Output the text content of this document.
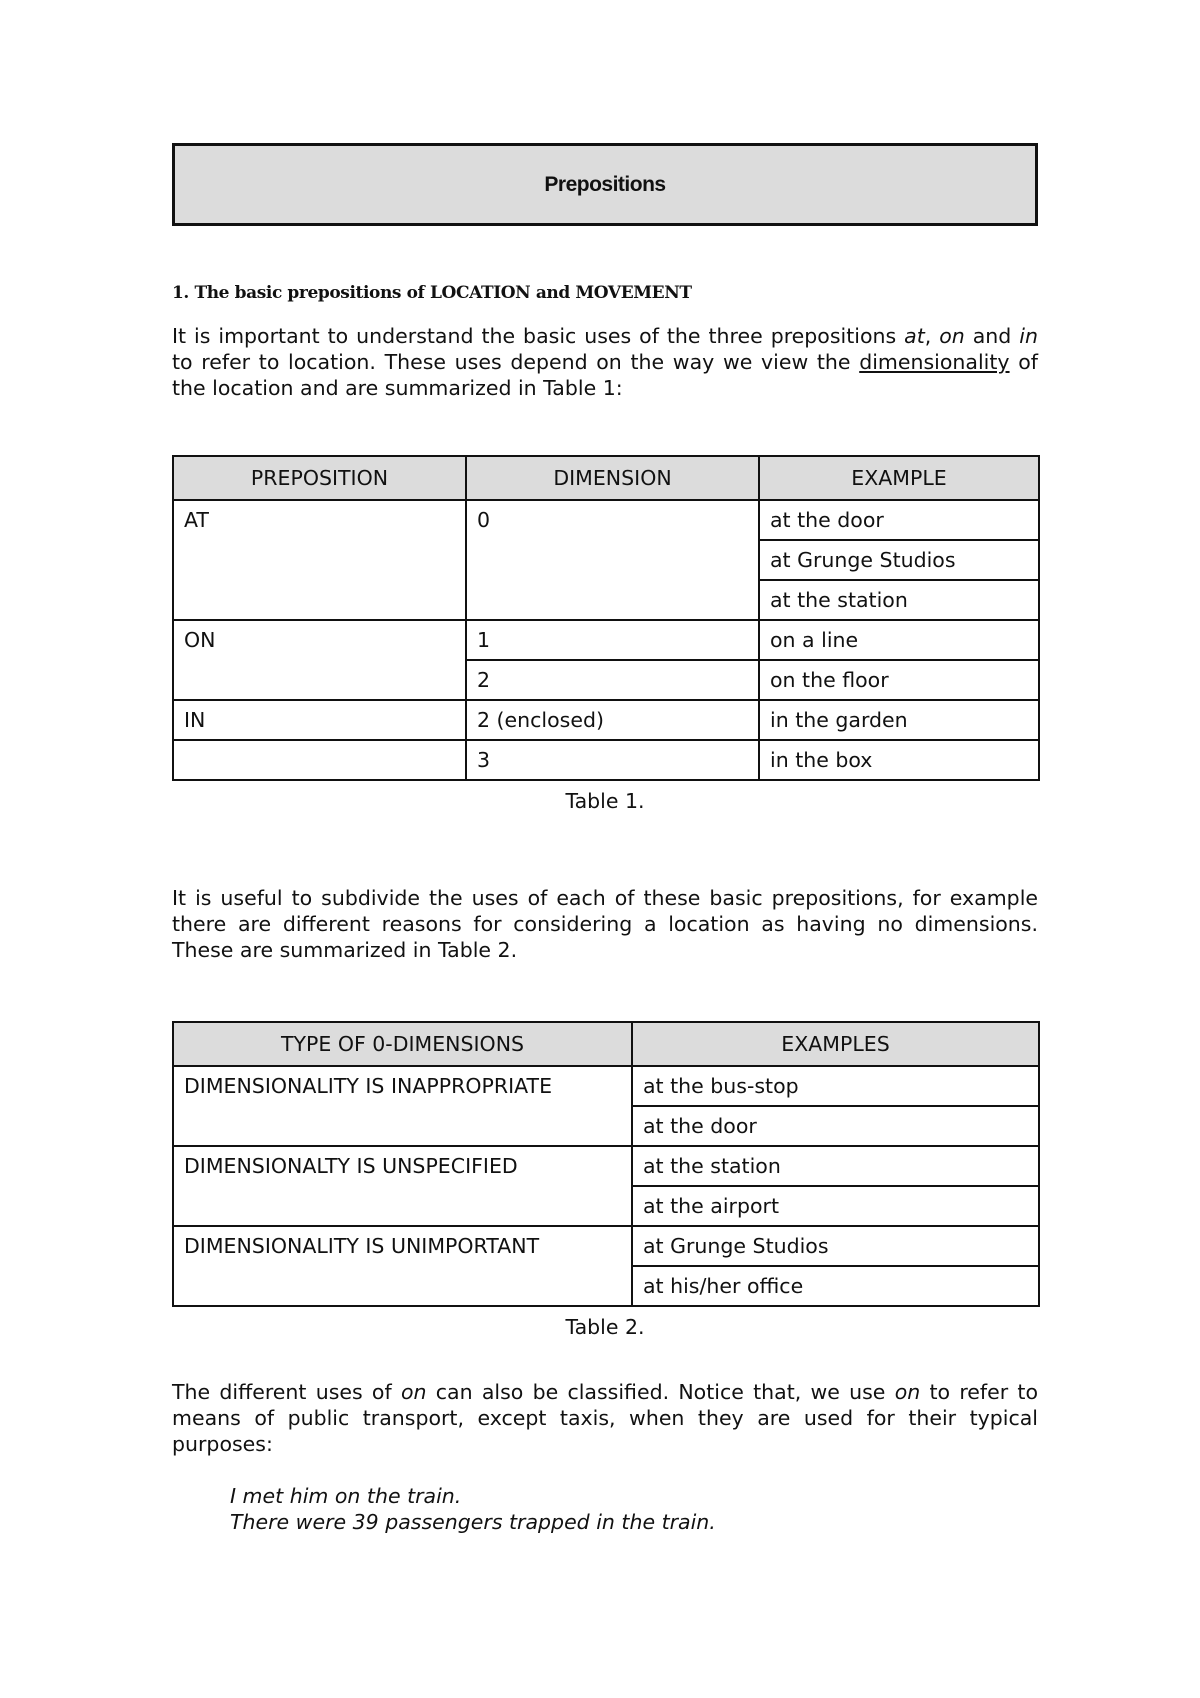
Prepositions
1. The basic prepositions of LOCATION and MOVEMENT
It is important to understand the basic uses of the three prepositions at, on and in to refer to location. These uses depend on the way we view the dimensionality of the location and are summarized in Table 1:
PREPOSITION	DIMENSION	EXAMPLE
AT	0	at the door
		at Grunge Studios
		at the station
ON	1	on a line
	2	on the floor
IN	2 (enclosed)	in the garden
	3	in the box
Table 1.
It is useful to subdivide the uses of each of these basic prepositions, for example there are different reasons for considering a location as having no dimensions. These are summarized in Table 2.
TYPE OF 0-DIMENSIONS	EXAMPLES
DIMENSIONALITY IS INAPPROPRIATE	at the bus-stop
	at the door
DIMENSIONALTY IS UNSPECIFIED	at the station
	at the airport
DIMENSIONALITY IS UNIMPORTANT	at Grunge Studios
	at his/her office
Table 2.
The different uses of on can also be classified. Notice that, we use on to refer to means of public transport, except taxis, when they are used for their typical purposes:
I met him on the train.
There were 39 passengers trapped in the train.
